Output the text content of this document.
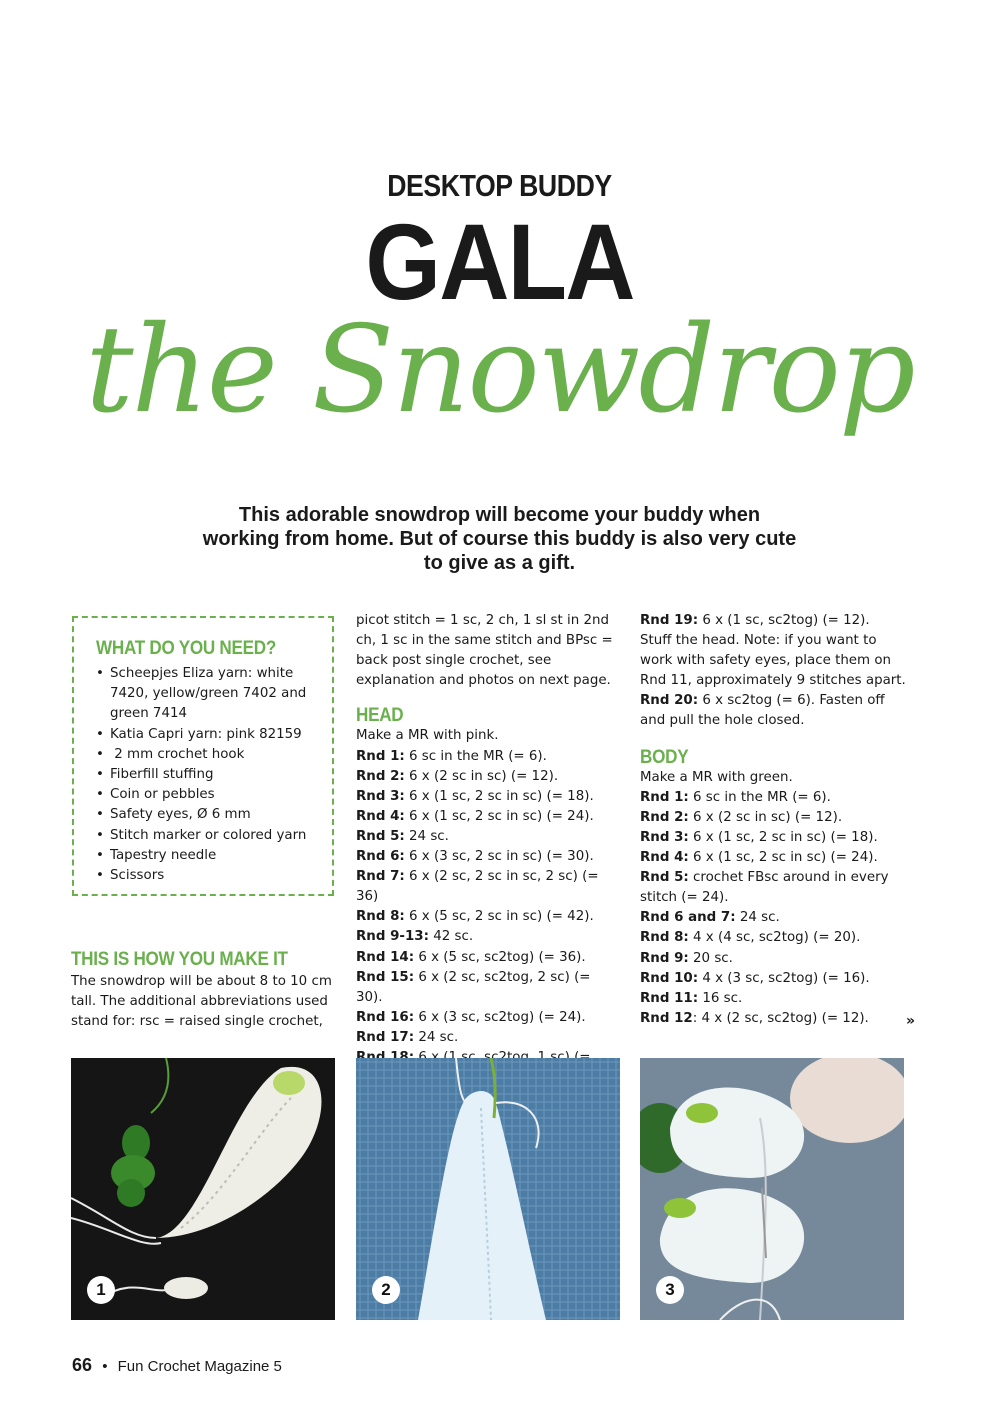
DESKTOP BUDDY
GALA
the Snowdrop
This adorable snowdrop will become your buddy when working from home. But of course this buddy is also very cute to give as a gift.
WHAT DO YOU NEED?
• Scheepjes Eliza yarn: white 7420, yellow/green 7402 and green 7414
• Katia Capri yarn: pink 82159
• 2 mm crochet hook
• Fiberfill stuffing
• Coin or pebbles
• Safety eyes, Ø 6 mm
• Stitch marker or colored yarn
• Tapestry needle
• Scissors
THIS IS HOW YOU MAKE IT

The snowdrop will be about 8 to 10 cm tall. The additional abbreviations used stand for: rsc = raised single crochet,

picot stitch = 1 sc, 2 ch, 1 sl st in 2nd ch, 1 sc in the same stitch and BPsc = back post single crochet, see explanation and photos on next page.

HEAD

Make a MR with pink.

Rnd 1: 6 sc in the MR (= 6).

Rnd 2: 6 x (2 sc in sc) (= 12).

Rnd 3: 6 x (1 sc, 2 sc in sc) (= 18).

Rnd 4: 6 x (1 sc, 2 sc in sc) (= 24).

Rnd 5: 24 sc.

Rnd 6: 6 x (3 sc, 2 sc in sc) (= 30).

Rnd 7: 6 x (2 sc, 2 sc in sc, 2 sc) (= 36)

Rnd 8: 6 x (5 sc, 2 sc in sc) (= 42).

Rnd 9-13: 42 sc.

Rnd 14: 6 x (5 sc, sc2tog) (= 36).

Rnd 15: 6 x (2 sc, sc2tog, 2 sc) (= 30).

Rnd 16: 6 x (3 sc, sc2tog) (= 24).

Rnd 17: 24 sc.

Rnd 19: 6 x (1 sc, sc2tog) (= 12).

Stuff the head. Note: if you want to work with safety eyes, place them on Rnd 11, approximately 9 stitches apart.

Rnd 20: 6 x sc2tog (= 6). Fasten off and pull the hole closed.

BODY

Make a MR with green.

Rnd 1: 6 sc in the MR (= 6).

Rnd 2: 6 x (2 sc in sc) (= 12).

Rnd 3: 6 x (1 sc, 2 sc in sc) (= 18).

Rnd 4: 6 x (1 sc, 2 sc in sc) (= 24).

Rnd 5: crochet FBsc around in every stitch (= 24).

Rnd 6 and 7: 24 sc.

Rnd 8: 4 x (4 sc, sc2tog) (= 20).

Rnd 9: 20 sc.

Rnd 10: 4 x (3 sc, sc2tog) (= 16).

Rnd 11: 16 sc.

Rnd 12: 4 x (2 sc, sc2tog) (= 12).	»
1	2	3
66 • Fun Crochet Magazine 5
